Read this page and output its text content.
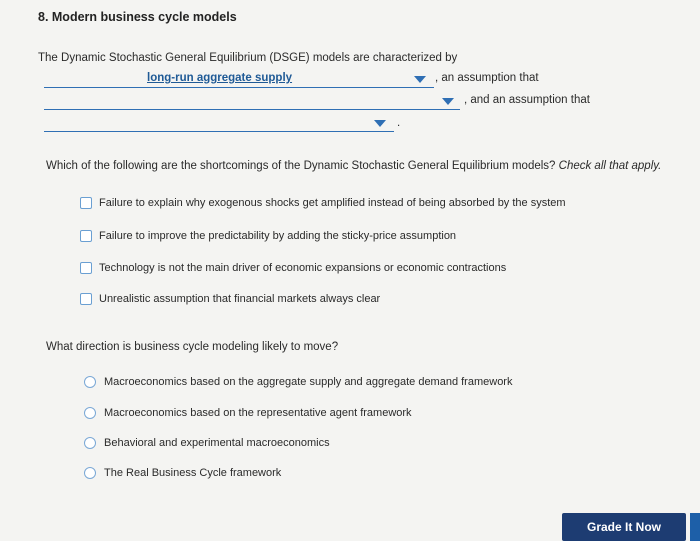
8. Modern business cycle models
The Dynamic Stochastic General Equilibrium (DSGE) models are characterized by
long-run aggregate supply	, an assumption that
, and an assumption that
.
Which of the following are the shortcomings of the Dynamic Stochastic General Equilibrium models? Check all that apply.
Failure to explain why exogenous shocks get amplified instead of being absorbed by the system
Failure to improve the predictability by adding the sticky-price assumption
Technology is not the main driver of economic expansions or economic contractions
Unrealistic assumption that financial markets always clear
What direction is business cycle modeling likely to move?
Macroeconomics based on the aggregate supply and aggregate demand framework
Macroeconomics based on the representative agent framework
Behavioral and experimental macroeconomics
The Real Business Cycle framework
Grade It Now
